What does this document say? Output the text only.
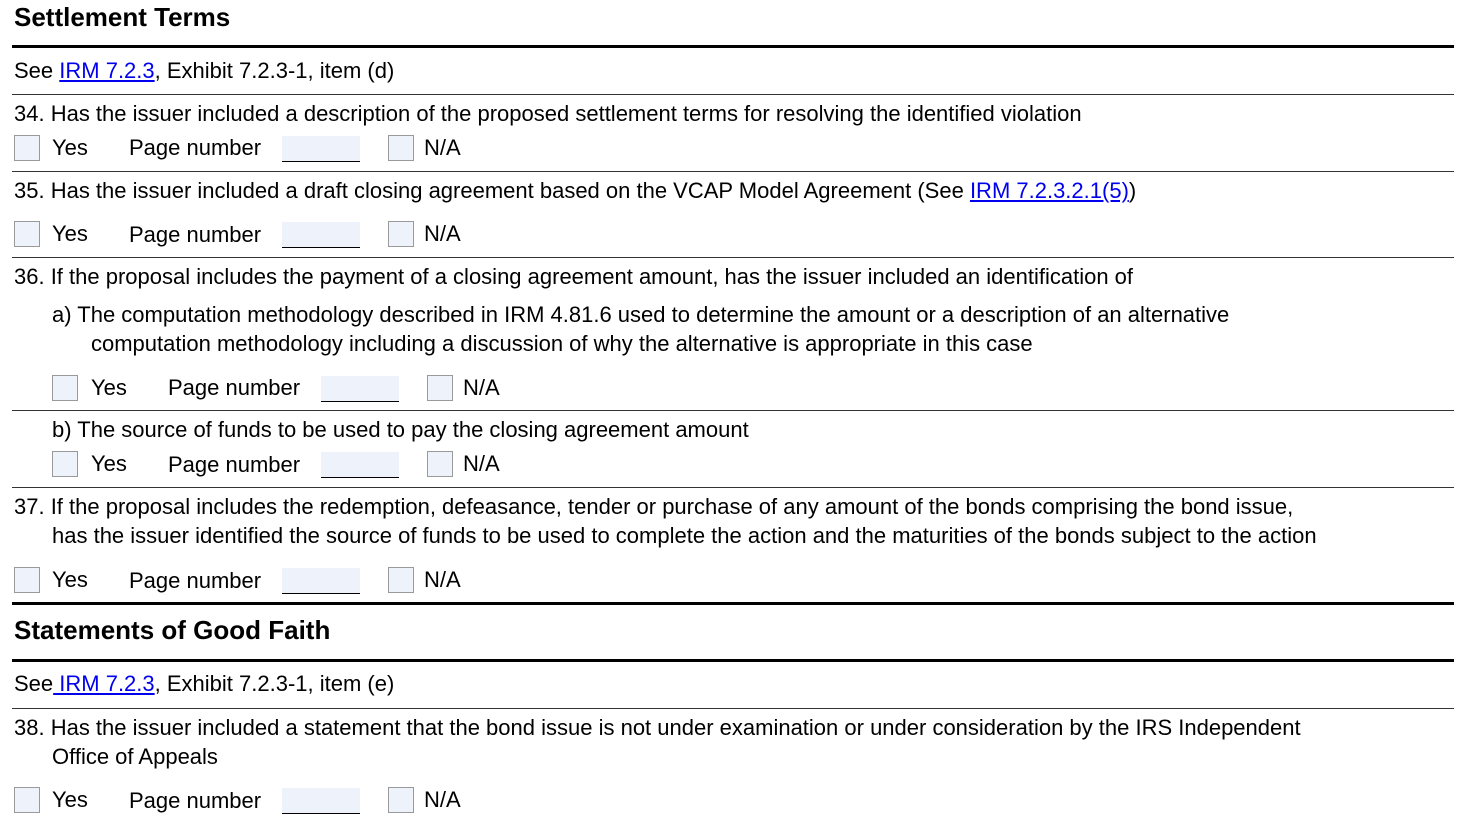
Settlement Terms
See IRM 7.2.3, Exhibit 7.2.3-1, item (d)
34. Has the issuer included a description of the proposed settlement terms for resolving the identified violation
Yes Page number	N/A
35. Has the issuer included a draft closing agreement based on the VCAP Model Agreement (See IRM 7.2.3.2.1(5))
Yes Page number	N/A
36. If the proposal includes the payment of a closing agreement amount, has the issuer included an identification of
a) The computation methodology described in IRM 4.81.6 used to determine the amount or a description of an alternative
computation methodology including a discussion of why the alternative is appropriate in this case
Yes Page number	N/A
b) The source of funds to be used to pay the closing agreement amount
Yes Page number	N/A
37. If the proposal includes the redemption, defeasance, tender or purchase of any amount of the bonds comprising the bond issue,
has the issuer identified the source of funds to be used to complete the action and the maturities of the bonds subject to the action
Yes Page number	N/A
Statements of Good Faith
See IRM 7.2.3, Exhibit 7.2.3-1, item (e)
38. Has the issuer included a statement that the bond issue is not under examination or under consideration by the IRS Independent
Office of Appeals
Yes Page number	N/A
